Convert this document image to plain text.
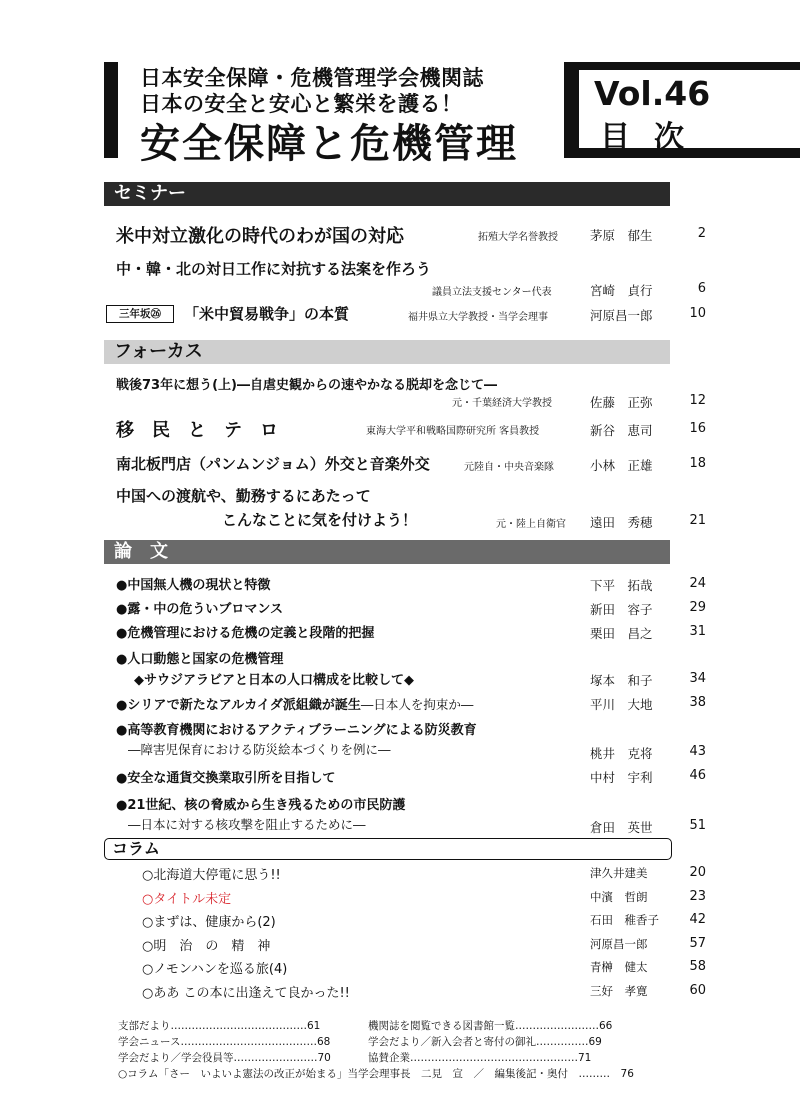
日本安全保障・危機管理学会機関誌
日本の安全と安心と繁栄を護る！
安全保障と危機管理
Vol.46
目次
セミナー
米中対立激化の時代のわが国の対応	拓殖大学名誉教授	茅原　郁生	2
中・韓・北の対日工作に対抗する法案を作ろう
議員立法支援センター代表	宮崎　貞行	6
三年坂㉖	「米中貿易戦争」の本質	福井県立大学教授・当学会理事	河原昌一郎	10
フォーカス
戦後73年に想う(上)―自虐史観からの速やかなる脱却を念じて―
元・千葉経済大学教授	佐藤　正弥	12
移　民　と　テ　ロ	東海大学平和戦略国際研究所 客員教授	新谷　恵司	16
南北板門店（パンムンジョム）外交と音楽外交	元陸自・中央音楽隊	小林　正雄	18
中国への渡航や、勤務するにあたって
こんなことに気を付けよう！	元・陸上自衛官 遠田　秀穂	21
論　文
●中国無人機の現状と特徴	下平　拓哉	24
●露・中の危ういブロマンス	新田　容子	29
●危機管理における危機の定義と段階的把握	栗田　昌之	31
●人口動態と国家の危機管理
◆サウジアラビアと日本の人口構成を比較して◆	塚本　和子	34
●シリアで新たなアルカイダ派組織が誕生―日本人を拘束か―	平川　大地	38
●高等教育機関におけるアクティブラーニングによる防災教育
―障害児保育における防災絵本づくりを例に―	桃井　克将	43
●安全な通貨交換業取引所を目指して	中村　宇利	46
●21世紀、核の脅威から生き残るための市民防護
―日本に対する核攻撃を阻止するために―	倉田　英世	51
コラム
○北海道大停電に思う!!	津久井建美	20
○タイトル未定	中濱　哲朗	23
○まずは、健康から(2)	石田　稚香子	42
○明　治　の　精　神	河原昌一郎	57
○ノモンハンを巡る旅(4)	青榊　健太	58
○ああ この本に出逢えて良かった!!	三好　孝寛	60
支部だより…………………………………61	機関誌を閲覧できる図書館一覧……………………66
学会ニュース…………………………………68	学会だより／新入会者と寄付の御礼……………69
学会だより／学会役員等……………………70	協賛企業…………………………………………71
○コラム「さー　いよいよ憲法の改正が始まる」当学会理事長　二見　宣　／　編集後記・奥付　………　76
